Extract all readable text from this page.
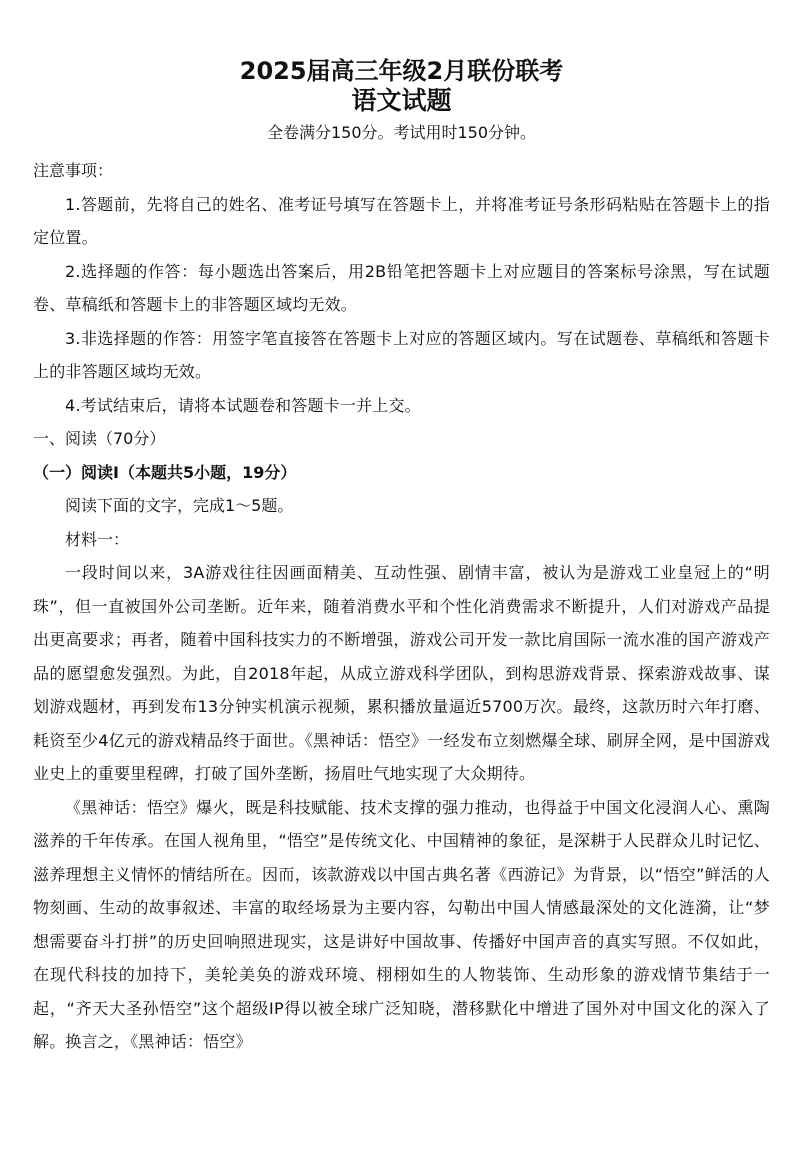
2025届高三年级2月联份联考
语文试题

全卷满分150分。考试用时150分钟。

注意事项：

1.答题前，先将自己的姓名、准考证号填写在答题卡上，并将准考证号条形码粘贴在答题卡上的指定位置。

2.选择题的作答：每小题选出答案后，用2B铅笔把答题卡上对应题目的答案标号涂黑，写在试题卷、草稿纸和答题卡上的非答题区域均无效。

3.非选择题的作答：用签字笔直接答在答题卡上对应的答题区域内。写在试题卷、草稿纸和答题卡上的非答题区域均无效。

4.考试结束后，请将本试题卷和答题卡一并上交。

一、阅读（70分）

（一）阅读Ⅰ（本题共5小题，19分）

阅读下面的文字，完成1～5题。

材料一：

一段时间以来，3A游戏往往因画面精美、互动性强、剧情丰富，被认为是游戏工业皇冠上的“明珠”，但一直被国外公司垄断。近年来，随着消费水平和个性化消费需求不断提升，人们对游戏产品提出更高要求；再者，随着中国科技实力的不断增强，游戏公司开发一款比肩国际一流水准的国产游戏产品的愿望愈发强烈。为此，自2018年起，从成立游戏科学团队，到构思游戏背景、探索游戏故事、谋划游戏题材，再到发布13分钟实机演示视频，累积播放量逼近5700万次。最终，这款历时六年打磨、耗资至少4亿元的游戏精品终于面世。《黑神话：悟空》一经发布立刻燃爆全球、刷屏全网，是中国游戏业史上的重要里程碑，打破了国外垄断，扬眉吐气地实现了大众期待。

《黑神话：悟空》爆火，既是科技赋能、技术支撑的强力推动，也得益于中国文化浸润人心、熏陶滋养的千年传承。在国人视角里，“悟空”是传统文化、中国精神的象征，是深耕于人民群众儿时记忆、滋养理想主义情怀的情结所在。因而，该款游戏以中国古典名著《西游记》为背景，以“悟空”鲜活的人物刻画、生动的故事叙述、丰富的取经场景为主要内容，勾勒出中国人情感最深处的文化涟漪，让“梦想需要奋斗打拼”的历史回响照进现实，这是讲好中国故事、传播好中国声音的真实写照。不仅如此，在现代科技的加持下，美轮美奂的游戏环境、栩栩如生的人物装饰、生动形象的游戏情节集结于一起，“齐天大圣孙悟空”这个超级IP得以被全球广泛知晓，潜移默化中增进了国外对中国文化的深入了解。换言之，《黑神话：悟空》
